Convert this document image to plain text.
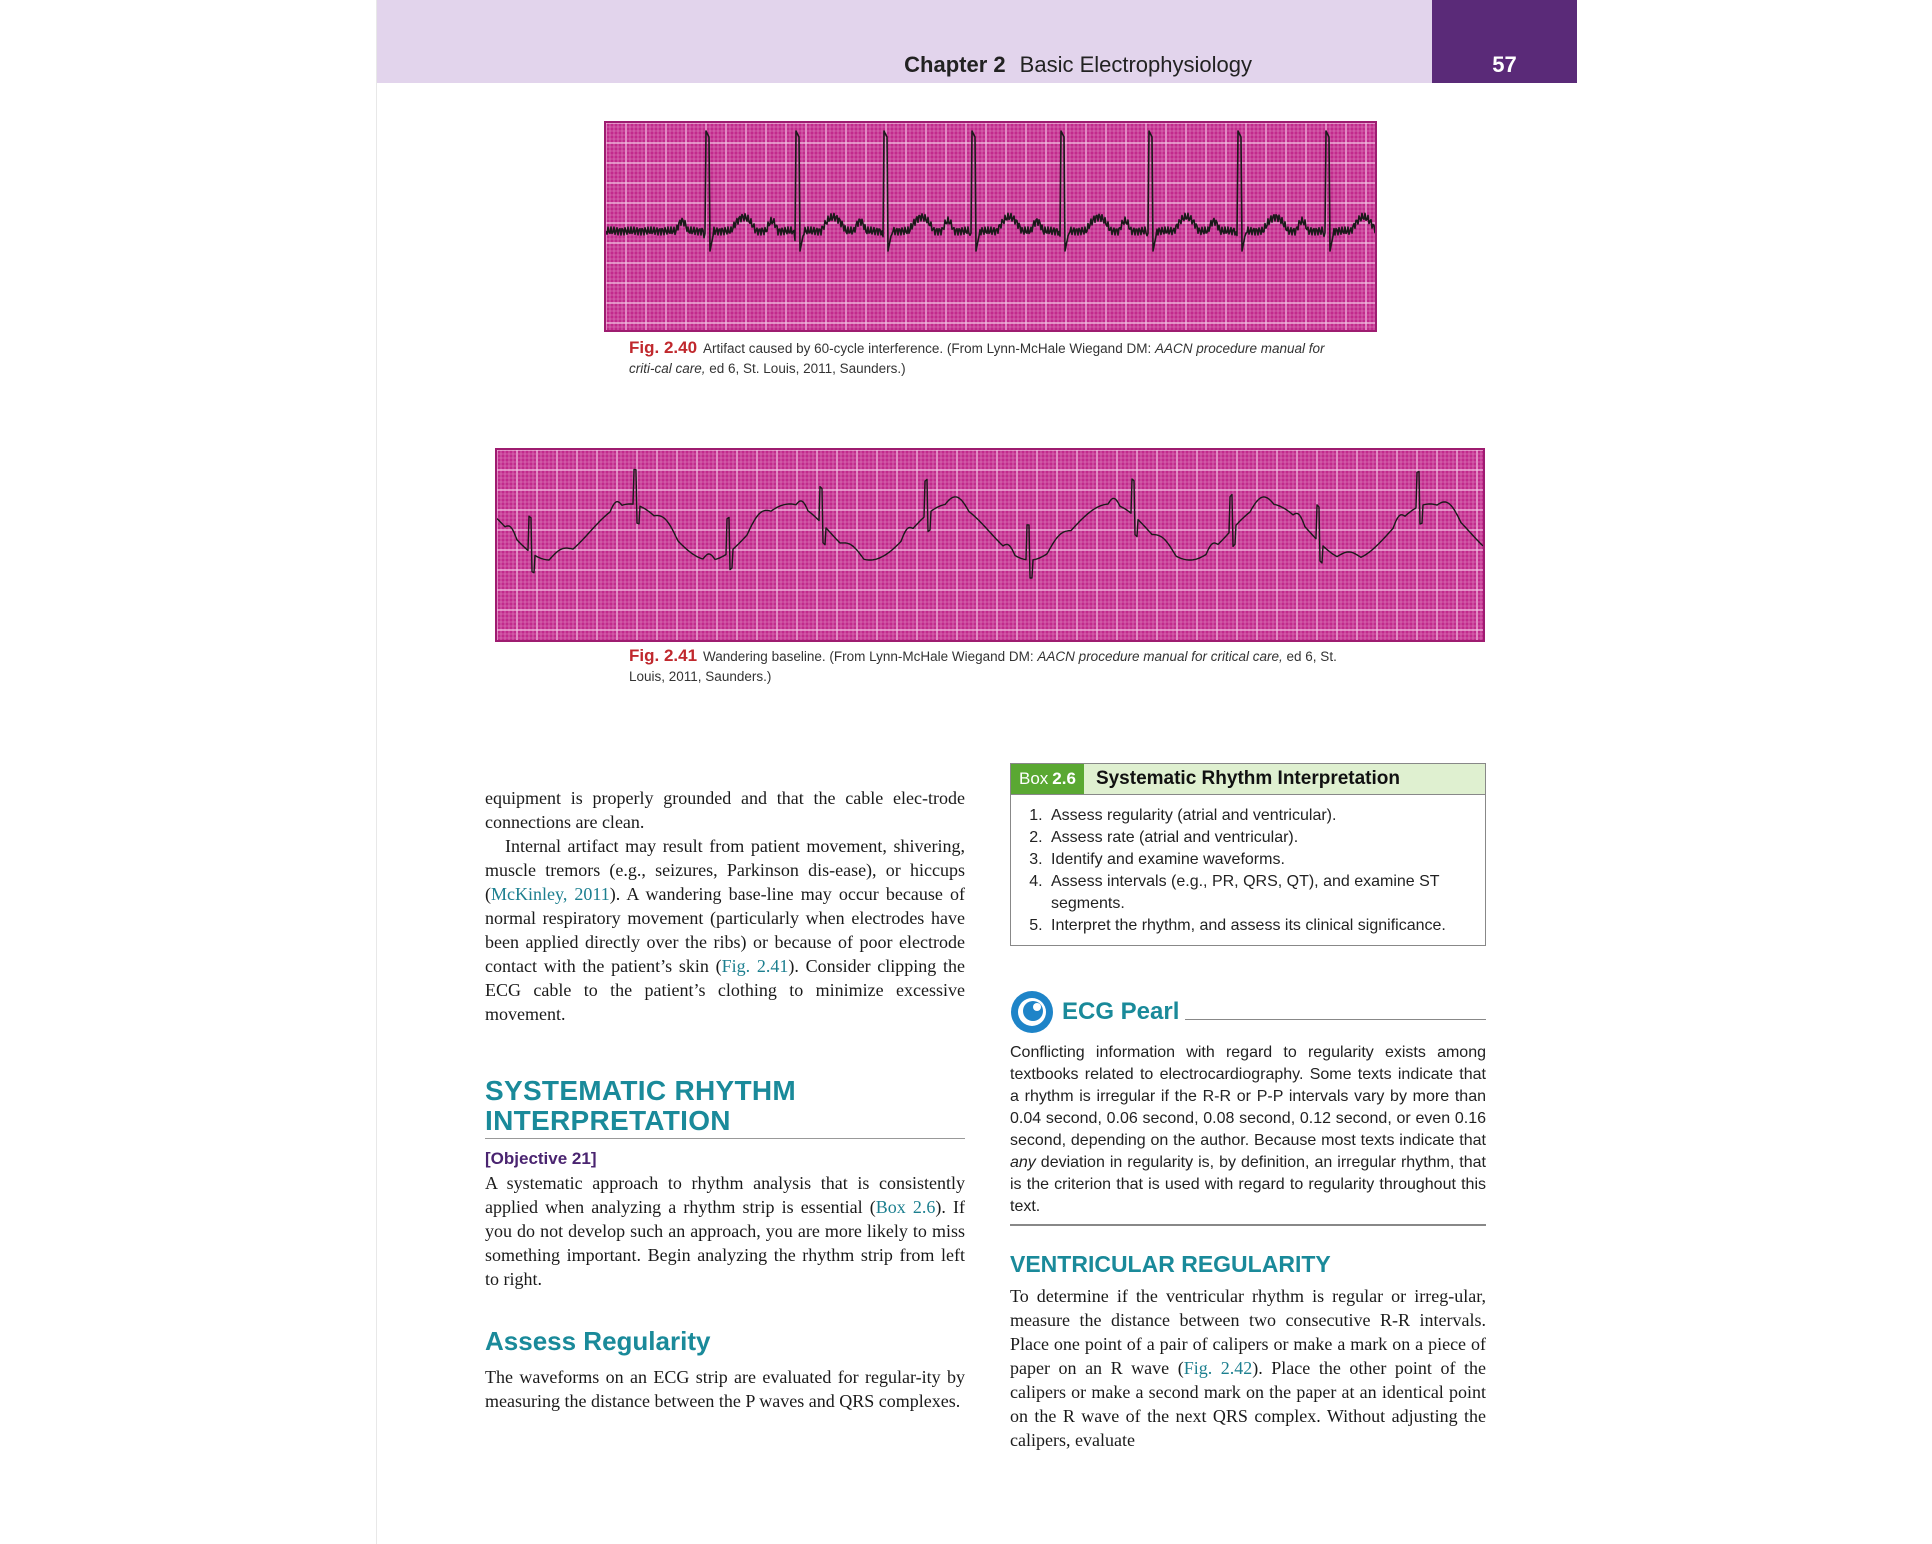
Chapter 2 Basic Electrophysiology	57
Fig. 2.40 Artifact caused by 60-cycle interference. (From Lynn-McHale Wiegand DM: AACN procedure manual for criti-cal care, ed 6, St. Louis, 2011, Saunders.)
Fig. 2.41 Wandering baseline. (From Lynn-McHale Wiegand DM: AACN procedure manual for critical care, ed 6, St. Louis, 2011, Saunders.)

equipment is properly grounded and that the cable elec-trode connections are clean.

Internal artifact may result from patient movement, shivering, muscle tremors (e.g., seizures, Parkinson dis-ease), or hiccups (McKinley, 2011). A wandering base-line may occur because of normal respiratory movement (particularly when electrodes have been applied directly over the ribs) or because of poor electrode contact with the patient’s skin (Fig. 2.41). Consider clipping the ECG cable to the patient’s clothing to minimize excessive movement.

SYSTEMATIC RHYTHM
INTERPRETATION
[Objective 21]

A systematic approach to rhythm analysis that is consistently applied when analyzing a rhythm strip is essential (Box 2.6). If you do not develop such an approach, you are more likely to miss something important. Begin analyzing the rhythm strip from left to right.

Assess Regularity

The waveforms on an ECG strip are evaluated for regular-ity by measuring the distance between the P waves and QRS complexes.

Box 2.6	Systematic Rhythm Interpretation
1. Assess regularity (atrial and ventricular).
2. Assess rate (atrial and ventricular).
3. Identify and examine waveforms.
4. Assess intervals (e.g., PR, QRS, QT), and examine ST segments.
5. Interpret the rhythm, and assess its clinical significance.
ECG Pearl
Conflicting information with regard to regularity exists among textbooks related to electrocardiography. Some texts indicate that a rhythm is irregular if the R-R or P-P intervals vary by more than 0.04 second, 0.06 second, 0.08 second, 0.12 second, or even 0.16 second, depending on the author. Because most texts indicate that any deviation in regularity is, by definition, an irregular rhythm, that is the criterion that is used with regard to regularity throughout this text.
VENTRICULAR REGULARITY

To determine if the ventricular rhythm is regular or irreg-ular, measure the distance between two consecutive R-R intervals. Place one point of a pair of calipers or make a mark on a piece of paper on an R wave (Fig. 2.42). Place the other point of the calipers or make a second mark on the paper at an identical point on the R wave of the next QRS complex. Without adjusting the calipers, evaluate
